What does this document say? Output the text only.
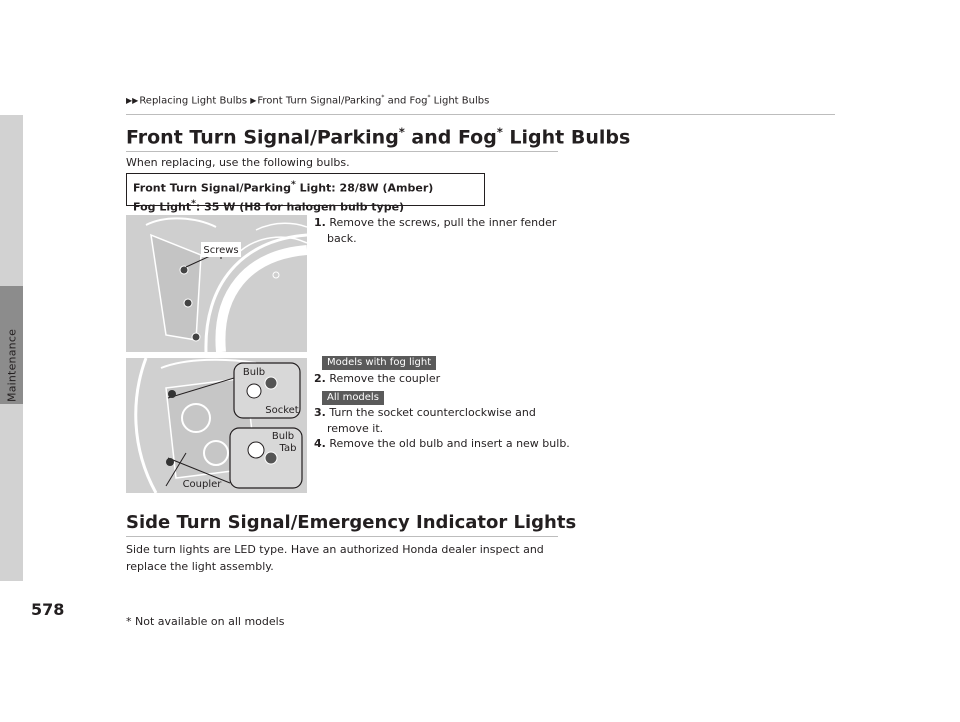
Maintenance
▶▶Replacing Light Bulbs ▶Front Turn Signal/Parking* and Fog* Light Bulbs
Front Turn Signal/Parking* and Fog* Light Bulbs
When replacing, use the following bulbs.
Front Turn Signal/Parking* Light: 28/8W (Amber)
Fog Light*: 35 W (H8 for halogen bulb type)
Screws
Bulb
Socket
Bulb
Tab
Coupler
1. Remove the screws, pull the inner fender
back.
Models with fog light
2. Remove the coupler
All models
3. Turn the socket counterclockwise and
remove it.
4. Remove the old bulb and insert a new bulb.
Side Turn Signal/Emergency Indicator Lights
Side turn lights are LED type. Have an authorized Honda dealer inspect and replace the light assembly.
578
* Not available on all models
